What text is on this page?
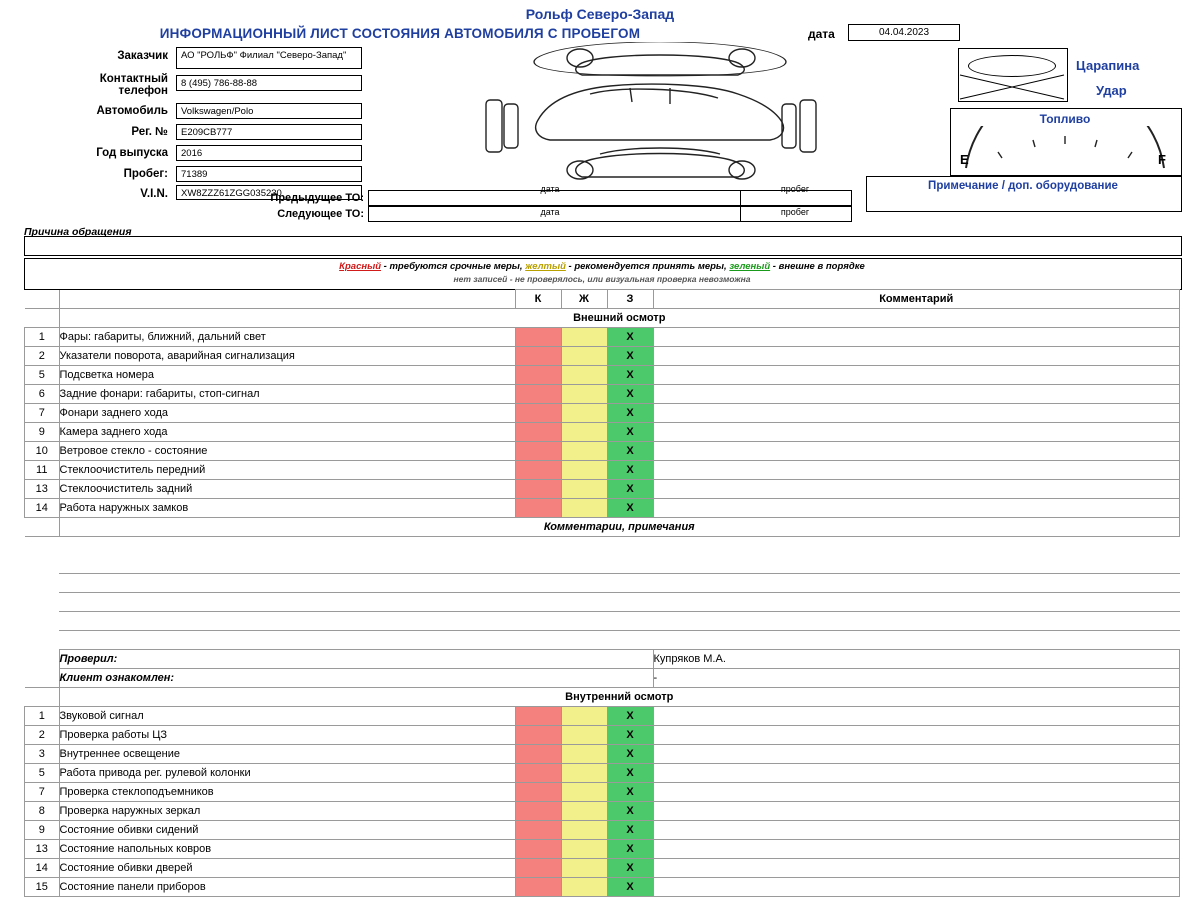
Рольф Северо-Запад
ИНФОРМАЦИОННЫЙ ЛИСТ СОСТОЯНИЯ АВТОМОБИЛЯ С ПРОБЕГОМ	дата	04.04.2023
Заказчик	АО "РОЛЬФ" Филиал "Северо-Запад"
Контактный телефон
8 (495) 786-88-88
Автомобиль	Volkswagen/Polo
Рег. №	E209СВ777
Год выпуска	2016
Пробег:	71389
V.I.N.	XW8ZZZ61ZGG035230
Царапина
Удар
Топливо
E	F
Примечание / доп. оборудование
Предыдущее ТО:
дата	пробег
Следующее ТО:	дата	пробег
Причина обращения
Красный - требуются срочные меры, желтый - рекомендуется принять меры, зеленый - внешне в порядке
нет записей - не проверялось, или визуальная проверка невозможна
		К	Ж	З	Комментарий
	Внешний осмотр				
1	Фары: габариты, ближний, дальний свет			X	
2	Указатели поворота, аварийная сигнализация			X	
5	Подсветка номера			X	
6	Задние фонари: габариты, стоп-сигнал			X	
7	Фонари заднего хода			X	
9	Камера заднего хода			X	
10	Ветровое стекло - состояние			X	
11	Стеклоочиститель передний			X	
13	Стеклоочиститель задний			X	
14	Работа наружных замков			X	
	Комментарии, примечания				

	Проверил:				Купряков М.А.
	Клиент ознакомлен:				-
	Внутренний осмотр				
1	Звуковой сигнал			X	
2	Проверка работы ЦЗ			X	
3	Внутреннее освещение			X	
5	Работа привода рег. рулевой колонки			X	
7	Проверка стеклоподъемников			X	
8	Проверка наружных зеркал			X	
9	Состояние обивки сидений			X	
13	Состояние напольных ковров			X	
14	Состояние обивки дверей			X	
15	Состояние панели приборов			X	
